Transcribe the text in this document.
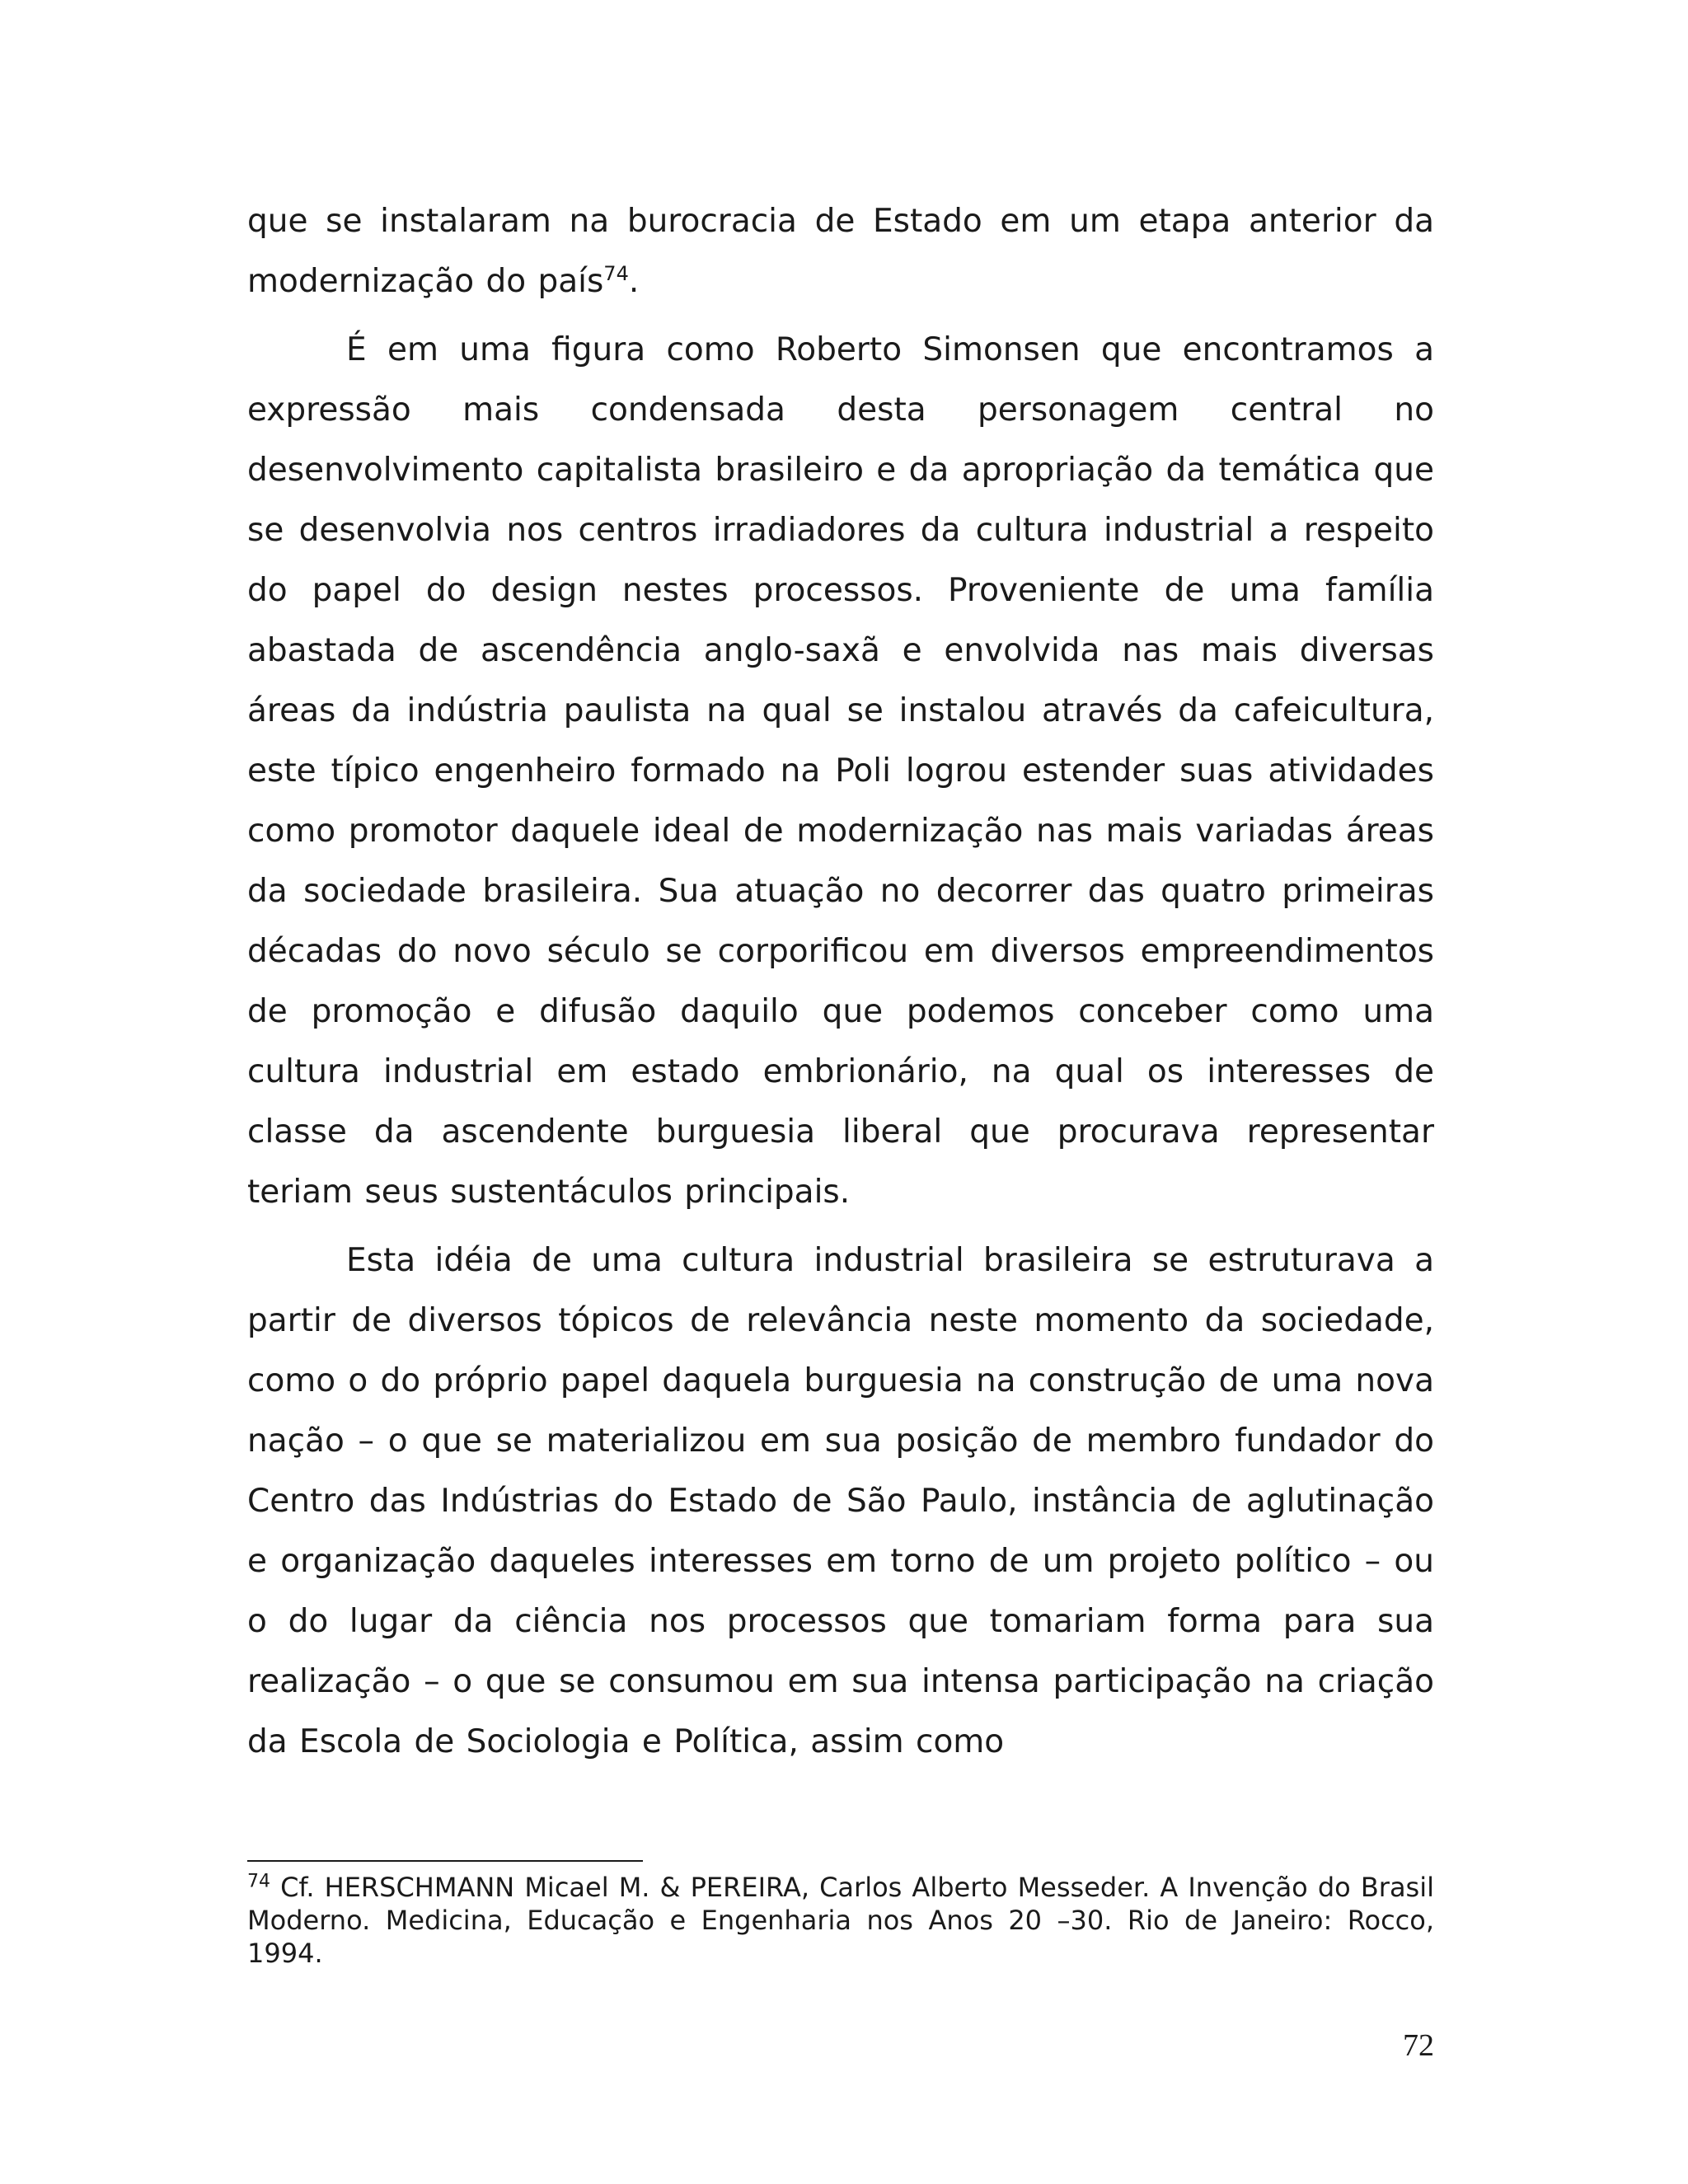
que se instalaram na burocracia de Estado em um etapa anterior da modernização do país$^{74}$.

É em uma figura como Roberto Simonsen que encontramos a expressão mais condensada desta personagem central no desenvolvimento capitalista brasileiro e da apropriação da temática que se desenvolvia nos centros irradiadores da cultura industrial a respeito do papel do design nestes processos. Proveniente de uma família abastada de ascendência anglo-saxã e envolvida nas mais diversas áreas da indústria paulista na qual se instalou através da cafeicultura, este típico engenheiro formado na Poli logrou estender suas atividades como promotor daquele ideal de modernização nas mais variadas áreas da sociedade brasileira. Sua atuação no decorrer das quatro primeiras décadas do novo século se corporificou em diversos empreendimentos de promoção e difusão daquilo que podemos conceber como uma cultura industrial em estado embrionário, na qual os interesses de classe da ascendente burguesia liberal que procurava representar teriam seus sustentáculos principais.

Esta idéia de uma cultura industrial brasileira se estruturava a partir de diversos tópicos de relevância neste momento da sociedade, como o do próprio papel daquela burguesia na construção de uma nova nação – o que se materializou em sua posição de membro fundador do Centro das Indústrias do Estado de São Paulo, instância de aglutinação e organização daqueles interesses em torno de um projeto político – ou o do lugar da ciência nos processos que tomariam forma para sua realização – o que se consumou em sua intensa participação na criação da Escola de Sociologia e Política, assim como

$^{74}$ Cf. HERSCHMANN Micael M. & PEREIRA, Carlos Alberto Messeder. A Invenção do Brasil Moderno. Medicina, Educação e Engenharia nos Anos 20 –30. Rio de Janeiro: Rocco, 1994.

72
